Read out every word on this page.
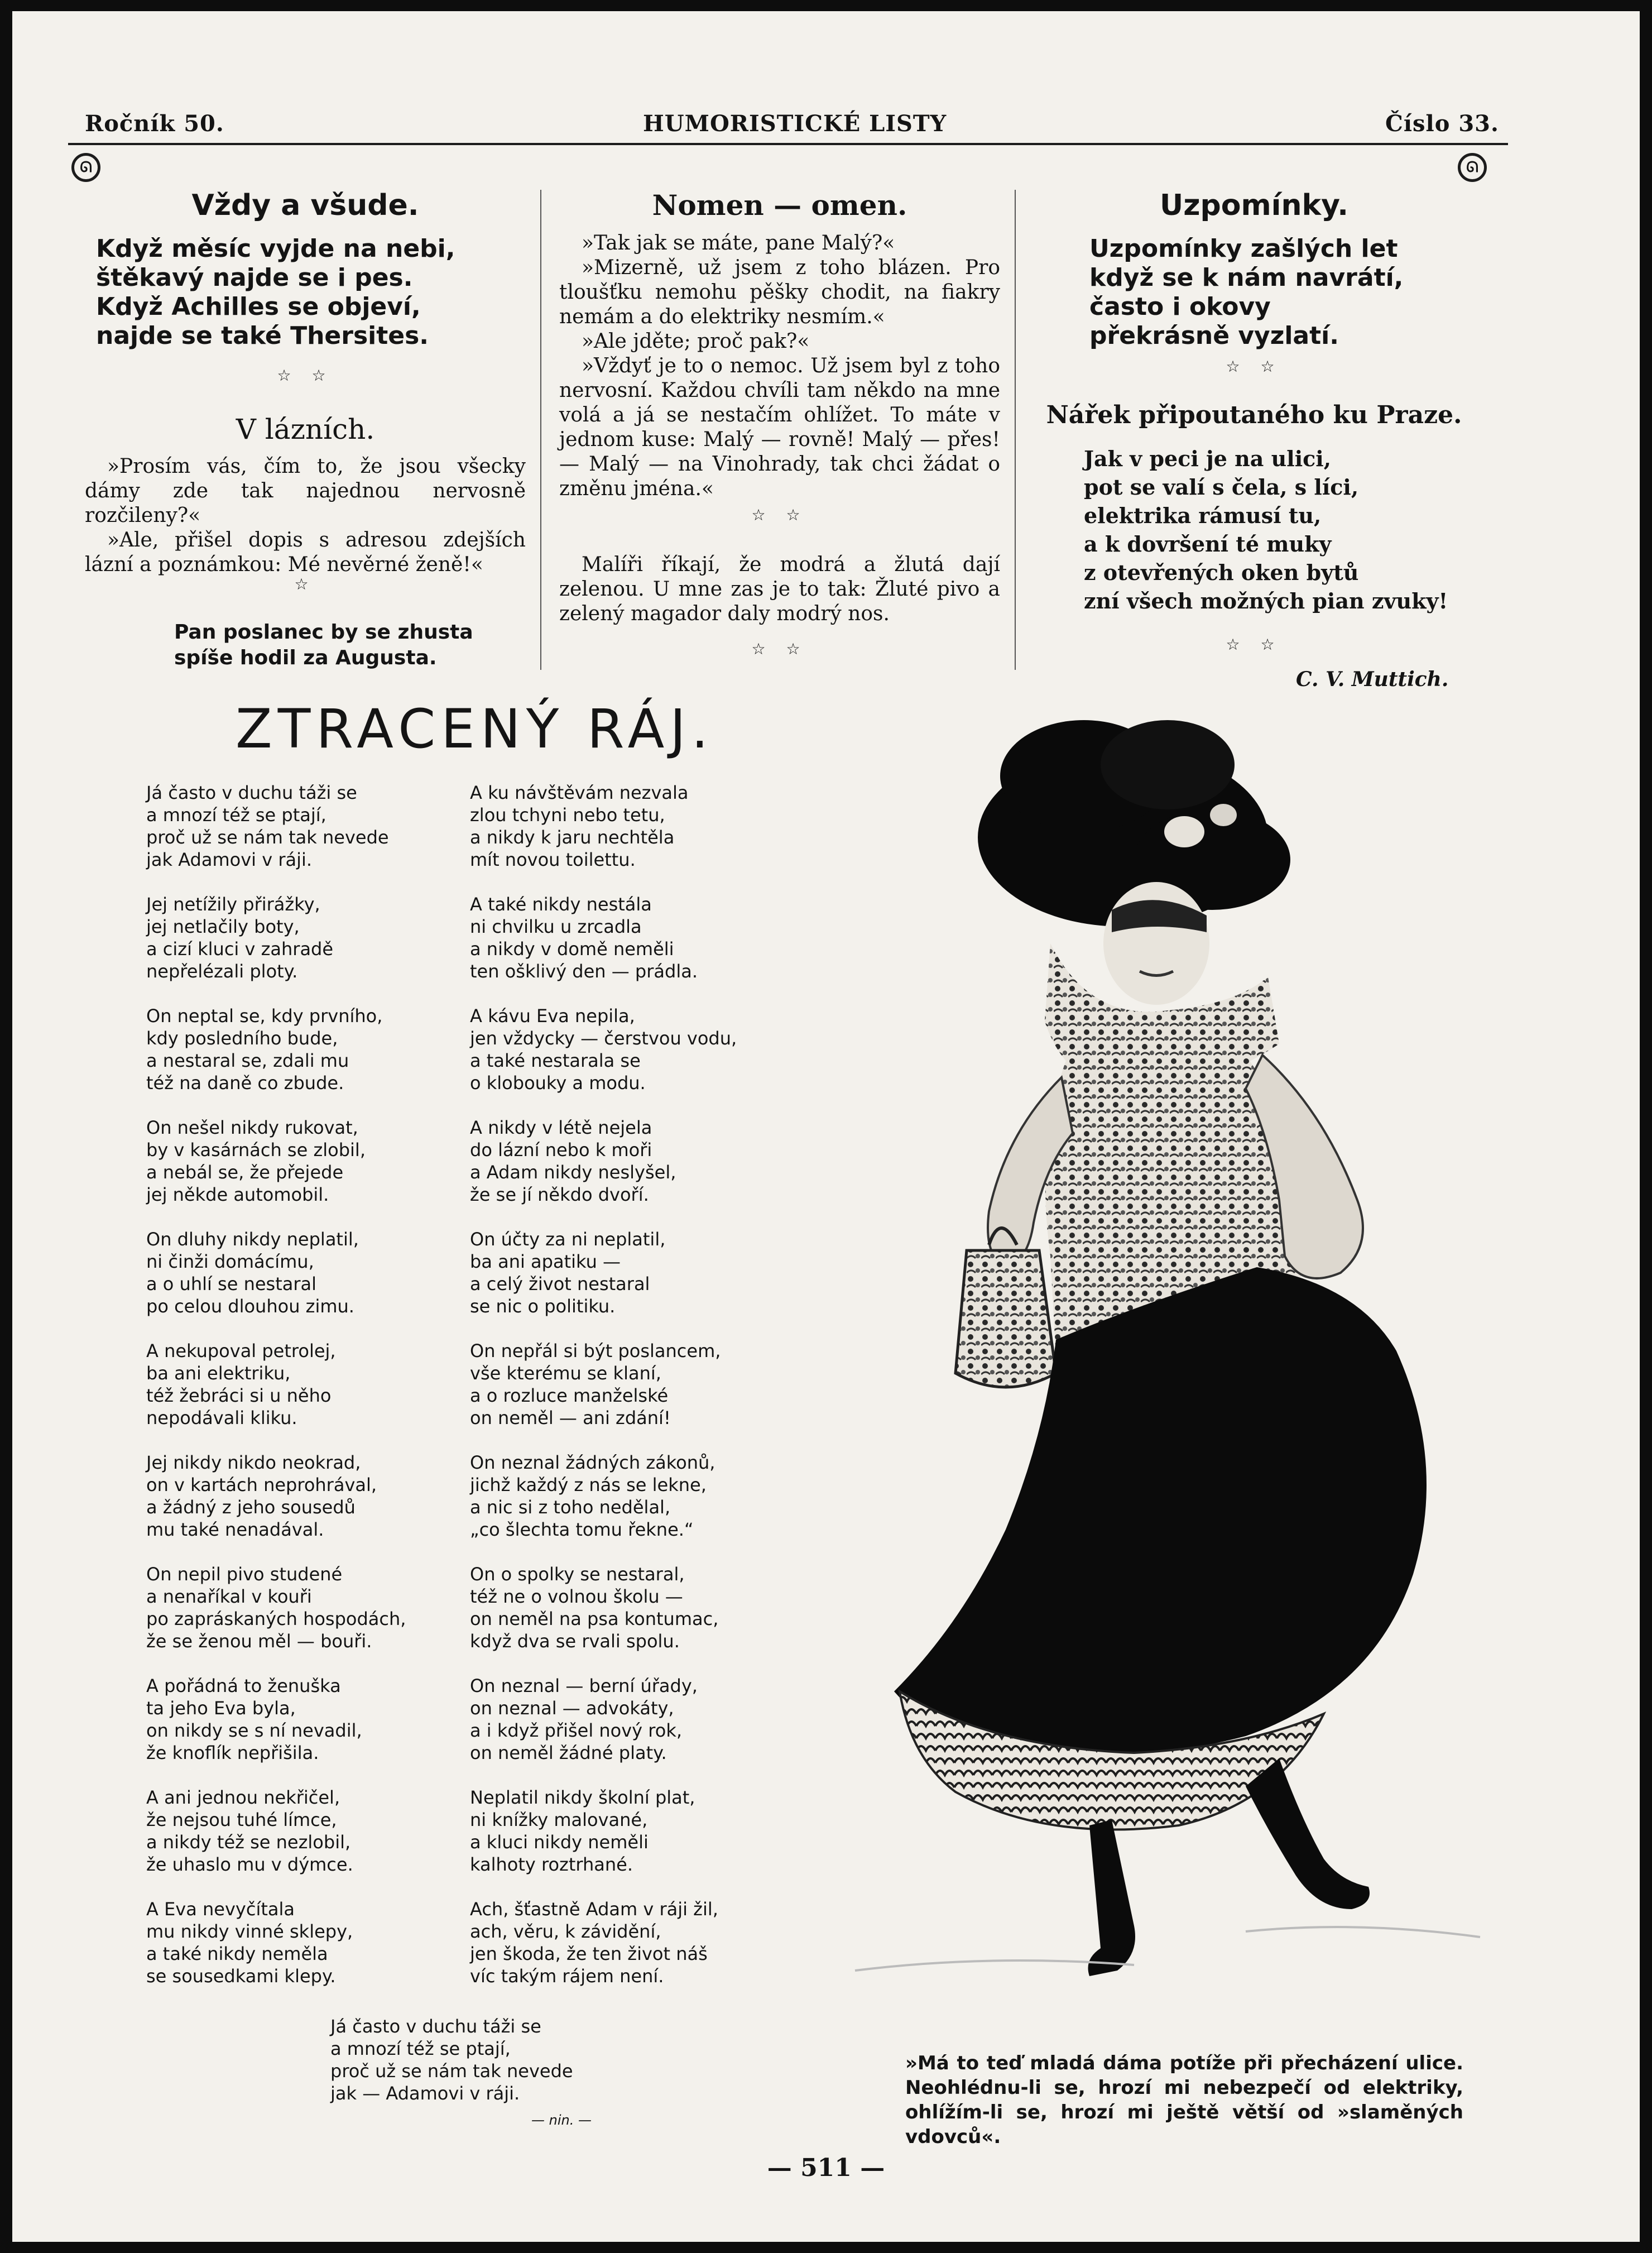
Ročník 50.	HUMORISTICKÉ LISTY	Číslo 33.
ᘏ	ᘏ
Vždy a všude.
Když měsíc vyjde na nebi,
štěkavý najde se i pes.
Když Achilles se objeví,
najde se také Thersites.
☆ ☆
V lázních.

»Prosím vás, čím to, že jsou všecky dámy zde tak najednou nervosně rozčileny?«

»Ale, přišel dopis s adresou zdejších lázní a poznámkou: Mé nevěrné ženě!«

☆
Pan poslanec by se zhusta
spíše hodil za Augusta.
Nomen — omen.

»Tak jak se máte, pane Malý?«

»Mizerně, už jsem z toho blázen. Pro tloušťku nemohu pěšky chodit, na fiakry nemám a do elektriky nesmím.«

»Ale jděte; proč pak?«

»Vždyť je to o nemoc. Už jsem byl z toho nervosní. Každou chvíli tam někdo na mne volá a já se nestačím ohlížet. To máte v jednom kuse: Malý — rovně! Malý — přes! — Malý — na Vinohrady, tak chci žádat o změnu jména.«

☆ ☆

Malíři říkají, že modrá a žlutá dají zelenou. U mne zas je to tak: Žluté pivo a zelený magador daly modrý nos.

☆ ☆
Uzpomínky.
Uzpomínky zašlých let
když se k nám navrátí,
často i okovy
překrásně vyzlatí.
☆ ☆
Nářek připoutaného ku Praze.
Jak v peci je na ulici,
pot se valí s čela, s líci,
elektrika rámusí tu,
a k dovršení té muky
z otevřených oken bytů
zní všech možných pian zvuky!
☆ ☆
C. V. Muttich.
ZTRACENÝ RÁJ.
Já často v duchu táži se
a mnozí též se ptají,
proč už se nám tak nevede
jak Adamovi v ráji.
Jej netížily přirážky,
jej netlačily boty,
a cizí kluci v zahradě
nepřelézali ploty.
On neptal se, kdy prvního,
kdy posledního bude,
a nestaral se, zdali mu
též na daně co zbude.
On nešel nikdy rukovat,
by v kasárnách se zlobil,
a nebál se, že přejede
jej někde automobil.
On dluhy nikdy neplatil,
ni činži domácímu,
a o uhlí se nestaral
po celou dlouhou zimu.
A nekupoval petrolej,
ba ani elektriku,
též žebráci si u něho
nepodávali kliku.
Jej nikdy nikdo neokrad,
on v kartách neprohrával,
a žádný z jeho sousedů
mu také nenadával.
On nepil pivo studené
a nenaříkal v kouři
po zapráskaných hospodách,
že se ženou měl — bouři.
A pořádná to ženuška
ta jeho Eva byla,
on nikdy se s ní nevadil,
že knoflík nepřišila.
A ani jednou nekřičel,
že nejsou tuhé límce,
a nikdy též se nezlobil,
že uhaslo mu v dýmce.
A Eva nevyčítala
mu nikdy vinné sklepy,
a také nikdy neměla
se sousedkami klepy.
A ku návštěvám nezvala
zlou tchyni nebo tetu,
a nikdy k jaru nechtěla
mít novou toilettu.
A také nikdy nestála
ni chvilku u zrcadla
a nikdy v domě neměli
ten ošklivý den — prádla.
A kávu Eva nepila,
jen vždycky — čerstvou vodu,
a také nestarala se
o klobouky a modu.
A nikdy v létě nejela
do lázní nebo k moři
a Adam nikdy neslyšel,
že se jí někdo dvoří.
On účty za ni neplatil,
ba ani apatiku —
a celý život nestaral
se nic o politiku.
On nepřál si být poslancem,
vše kterému se klaní,
a o rozluce manželské
on neměl — ani zdání!
On neznal žádných zákonů,
jichž každý z nás se lekne,
a nic si z toho nedělal,
„co šlechta tomu řekne.“
On o spolky se nestaral,
též ne o volnou školu —
on neměl na psa kontumac,
když dva se rvali spolu.
On neznal — berní úřady,
on neznal — advokáty,
a i když přišel nový rok,
on neměl žádné platy.
Neplatil nikdy školní plat,
ni knížky malované,
a kluci nikdy neměli
kalhoty roztrhané.
Ach, šťastně Adam v ráji žil,
ach, věru, k závidění,
jen škoda, že ten život náš
víc takým rájem není.
Já často v duchu táži se
a mnozí též se ptají,
proč už se nám tak nevede
jak — Adamovi v ráji.
— nin. —
»Má to teď mladá dáma potíže při přecházení ulice. Neohlédnu-li se, hrozí mi nebezpečí od elektriky, ohlížím-li se, hrozí mi ještě větší od »slaměných vdovců«.
— 511 —
